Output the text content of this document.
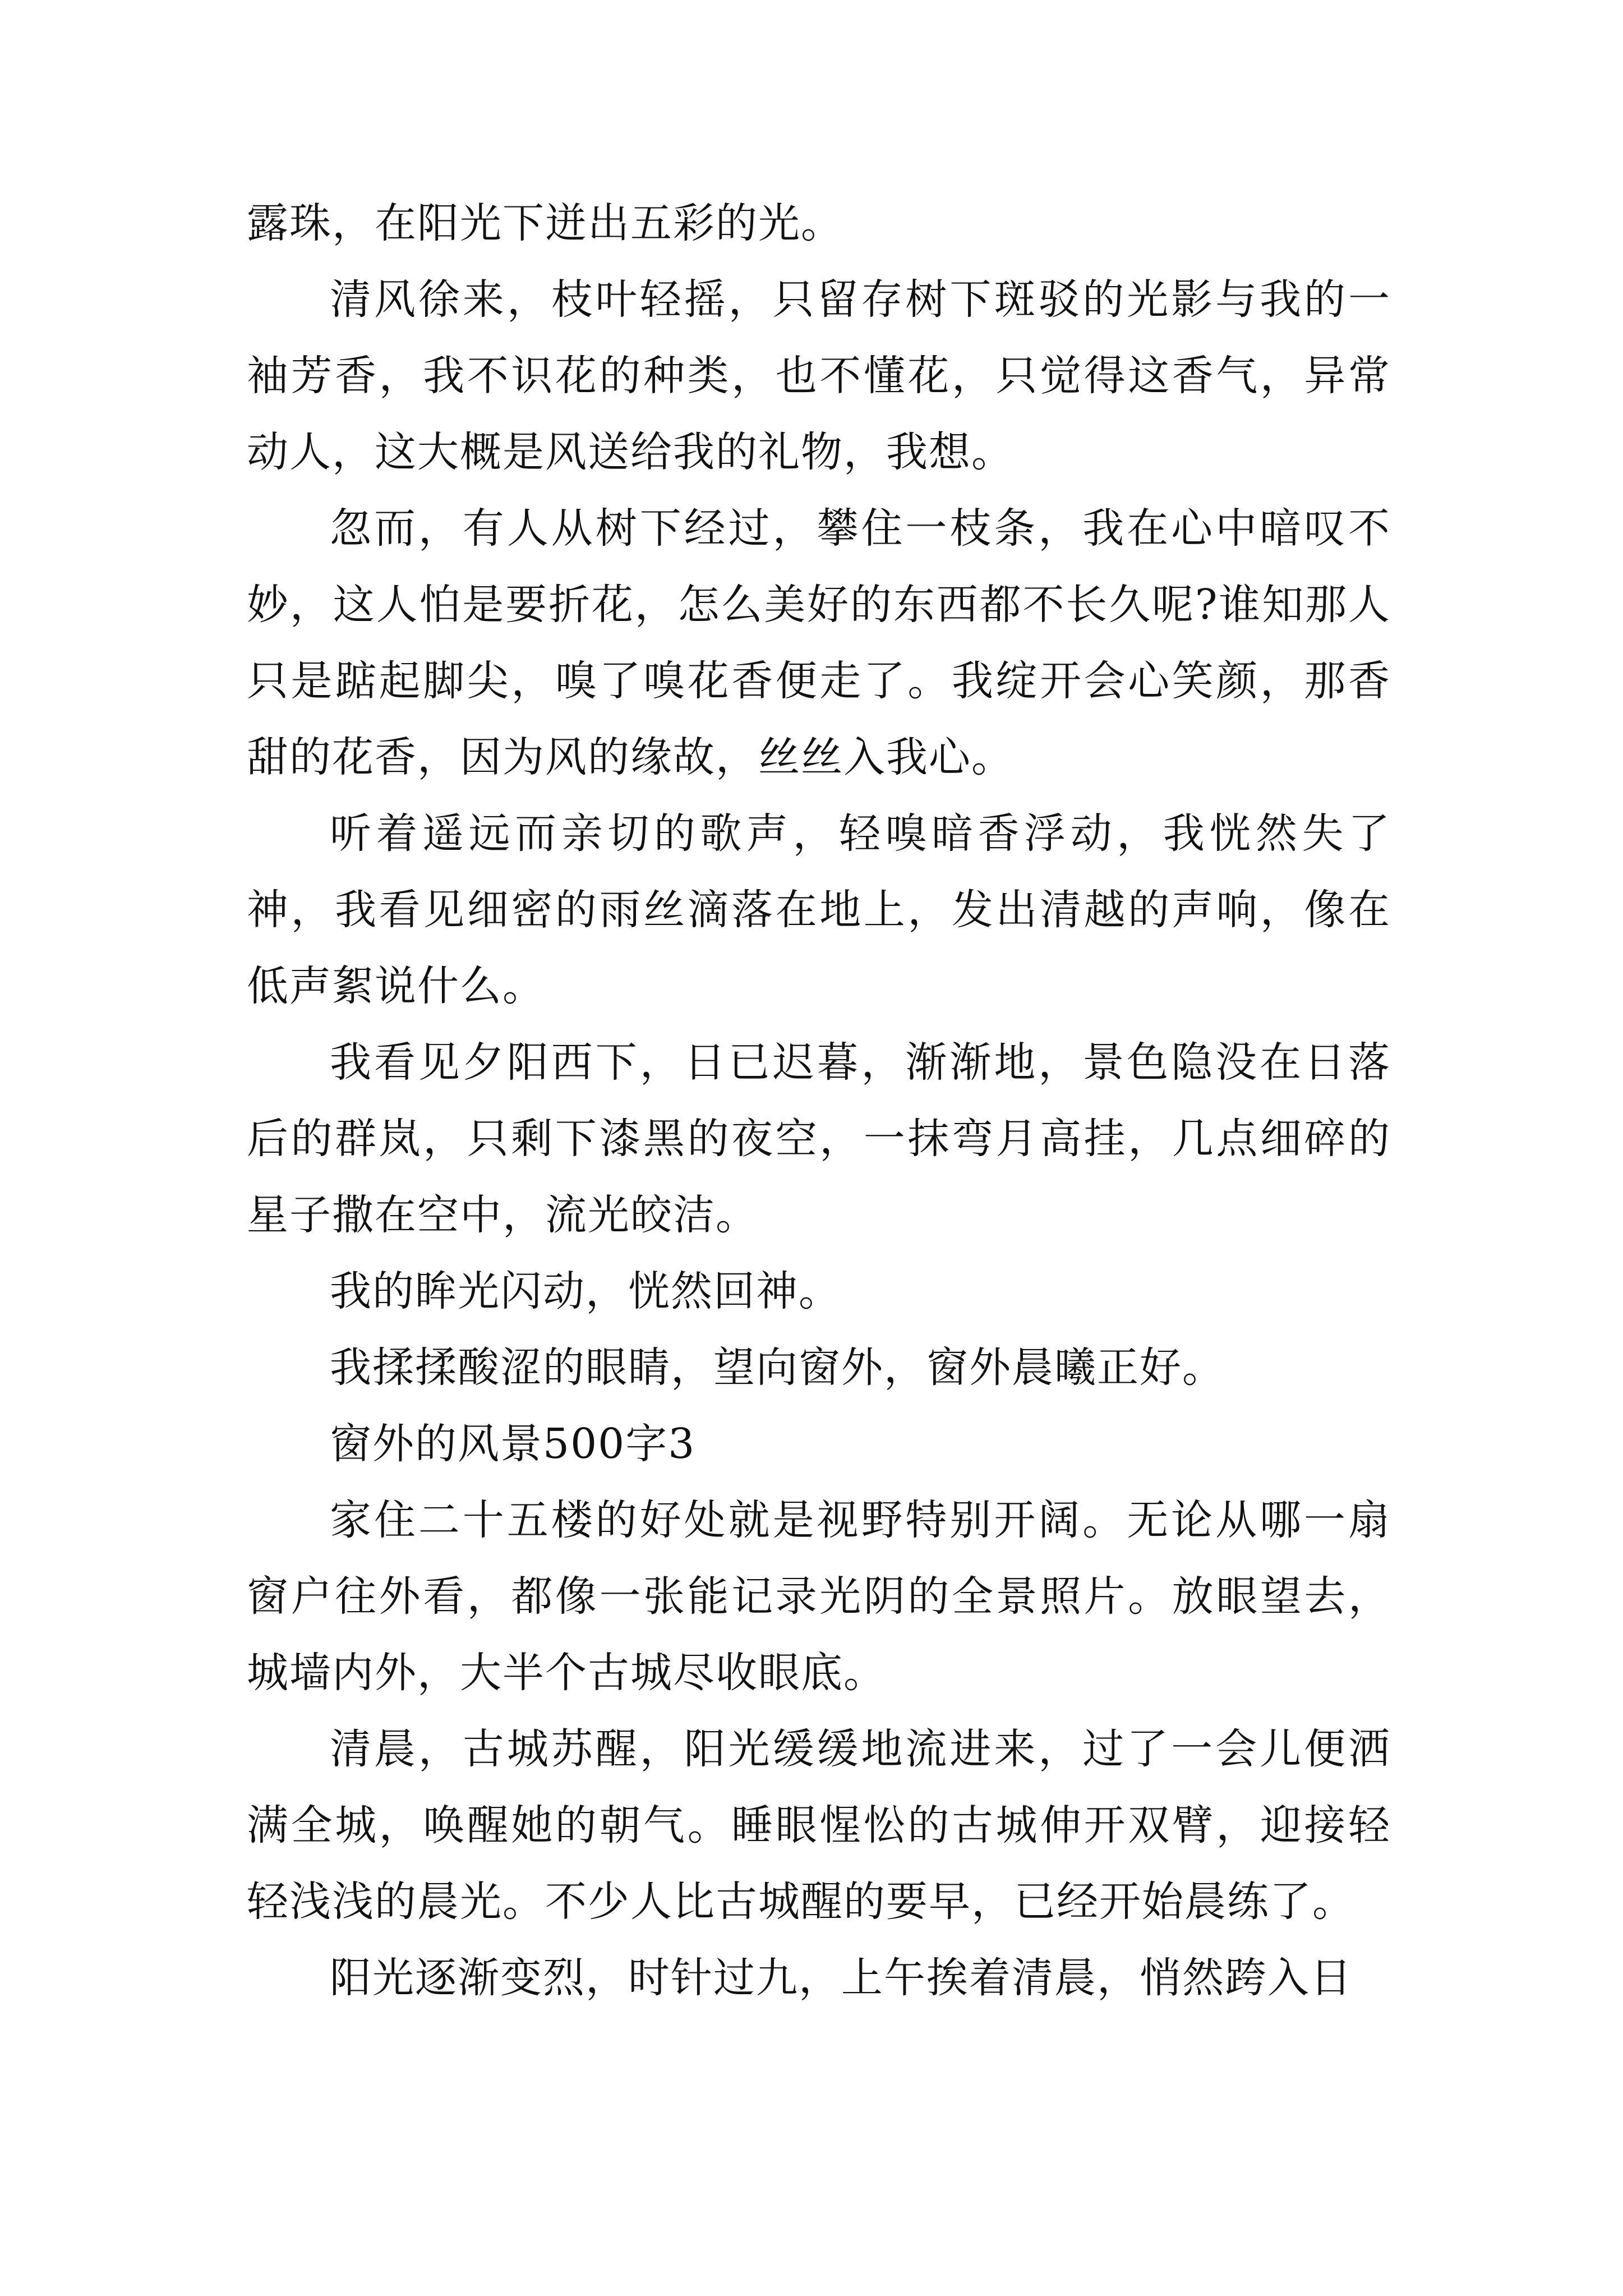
露珠，在阳光下迸出五彩的光。

清风徐来，枝叶轻摇，只留存树下斑驳的光影与我的一袖芳香，我不识花的种类，也不懂花，只觉得这香气，异常动人，这大概是风送给我的礼物，我想。

忽而，有人从树下经过，攀住一枝条，我在心中暗叹不妙，这人怕是要折花，怎么美好的东西都不长久呢?谁知那人只是踮起脚尖，嗅了嗅花香便走了。我绽开会心笑颜，那香甜的花香，因为风的缘故，丝丝入我心。

听着遥远而亲切的歌声，轻嗅暗香浮动，我恍然失了神，我看见细密的雨丝滴落在地上，发出清越的声响，像在低声絮说什么。

我看见夕阳西下，日已迟暮，渐渐地，景色隐没在日落后的群岚，只剩下漆黑的夜空，一抹弯月高挂，几点细碎的星子撒在空中，流光皎洁。

我的眸光闪动，恍然回神。

我揉揉酸涩的眼睛，望向窗外，窗外晨曦正好。

窗外的风景500字3

家住二十五楼的好处就是视野特别开阔。无论从哪一扇窗户往外看，都像一张能记录光阴的全景照片。放眼望去，城墙内外，大半个古城尽收眼底。

清晨，古城苏醒，阳光缓缓地流进来，过了一会儿便洒满全城，唤醒她的朝气。睡眼惺忪的古城伸开双臂，迎接轻轻浅浅的晨光。不少人比古城醒的要早，已经开始晨练了。

阳光逐渐变烈，时针过九，上午挨着清晨，悄然跨入日
